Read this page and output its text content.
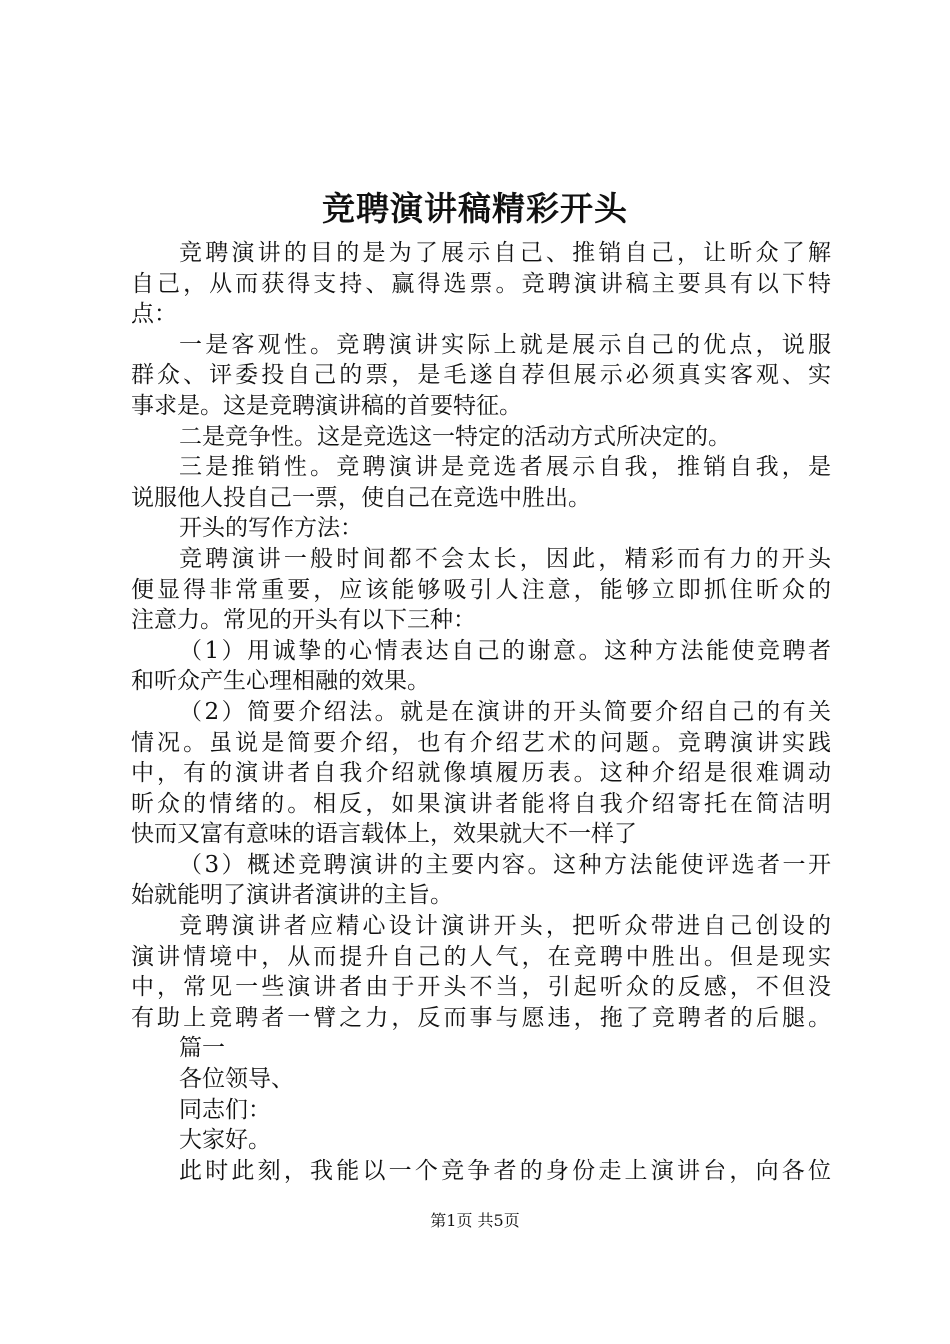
竞聘演讲稿精彩开头
竞聘演讲的目的是为了展示自己、推销自己，让昕众了解
自己，从而获得支持、赢得选票。竞聘演讲稿主要具有以下特
点：
一是客观性。竞聘演讲实际上就是展示自己的优点，说服
群众、评委投自己的票，是毛遂自荐但展示必须真实客观、实
事求是。这是竞聘演讲稿的首要特征。
二是竞争性。这是竞选这一特定的活动方式所决定的。
三是推销性。竞聘演讲是竞选者展示自我，推销自我，是
说服他人投自己一票，使自己在竞选中胜出。
开头的写作方法：
竞聘演讲一般时间都不会太长，因此，精彩而有力的开头
便显得非常重要，应该能够吸引人注意，能够立即抓住昕众的
注意力。常见的开头有以下三种：
（1）用诚挚的心情表达自己的谢意。这种方法能使竞聘者
和听众产生心理相融的效果。
（2）简要介绍法。就是在演讲的开头简要介绍自己的有关
情况。虽说是简要介绍，也有介绍艺术的问题。竞聘演讲实践
中，有的演讲者自我介绍就像填履历表。这种介绍是很难调动
昕众的情绪的。相反，如果演讲者能将自我介绍寄托在简洁明
快而又富有意味的语言载体上，效果就大不一样了
（3）概述竞聘演讲的主要内容。这种方法能使评选者一开
始就能明了演讲者演讲的主旨。
竞聘演讲者应精心设计演讲开头，把听众带进自己创设的
演讲情境中，从而提升自己的人气，在竞聘中胜出。但是现实
中，常见一些演讲者由于开头不当，引起听众的反感，不但没
有助上竞聘者一臂之力，反而事与愿违，拖了竞聘者的后腿。
篇一
各位领导、
同志们：
大家好。
此时此刻，我能以一个竞争者的身份走上演讲台，向各位
第1页 共5页
